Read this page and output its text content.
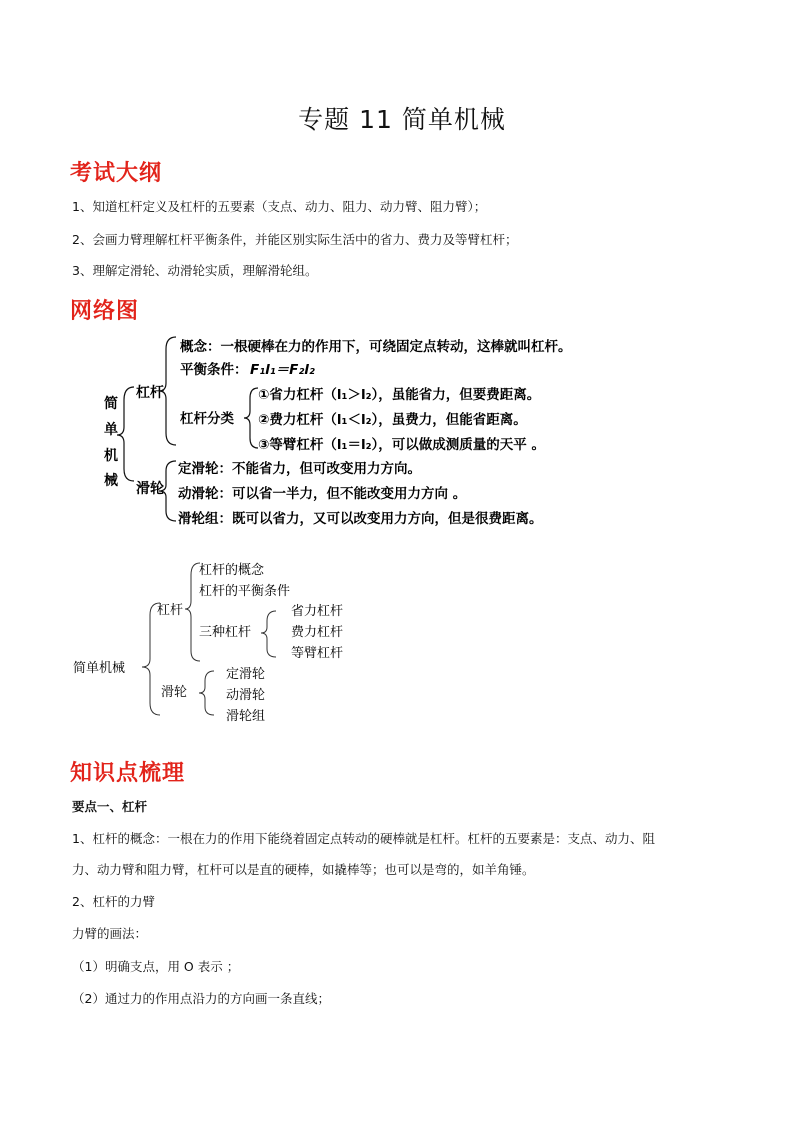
专题 11 简单机械
考试大纲
1、知道杠杆定义及杠杆的五要素（支点、动力、阻力、动力臂、阻力臂）；
2、会画力臂理解杠杆平衡条件，并能区别实际生活中的省力、费力及等臂杠杆；
3、理解定滑轮、动滑轮实质，理解滑轮组。
网络图
简
单
机
械
杠杆
概念：一根硬棒在力的作用下，可绕固定点转动，这棒就叫杠杆。
平衡条件： F₁l₁＝F₂l₂
杠杆分类
①省力杠杆（l₁＞l₂），虽能省力，但要费距离。
②费力杠杆（l₁＜l₂），虽费力，但能省距离。
③等臂杠杆（l₁＝l₂），可以做成测质量的天平 。
滑轮
定滑轮：不能省力，但可改变用力方向。
动滑轮：可以省一半力，但不能改变用力方向 。
滑轮组：既可以省力，又可以改变用力方向，但是很费距离。
简单机械
杠杆
杠杆的概念
杠杆的平衡条件
三种杠杆
省力杠杆
费力杠杆
等臂杠杆
滑轮
定滑轮
动滑轮
滑轮组
知识点梳理
要点一、杠杆
1、杠杆的概念：一根在力的作用下能绕着固定点转动的硬棒就是杠杆。杠杆的五要素是：支点、动力、阻
力、动力臂和阻力臂，杠杆可以是直的硬棒，如撬棒等；也可以是弯的，如羊角锤。
2、杠杆的力臂
力臂的画法：
（1）明确支点，用 O 表示 ；
（2）通过力的作用点沿力的方向画一条直线；
